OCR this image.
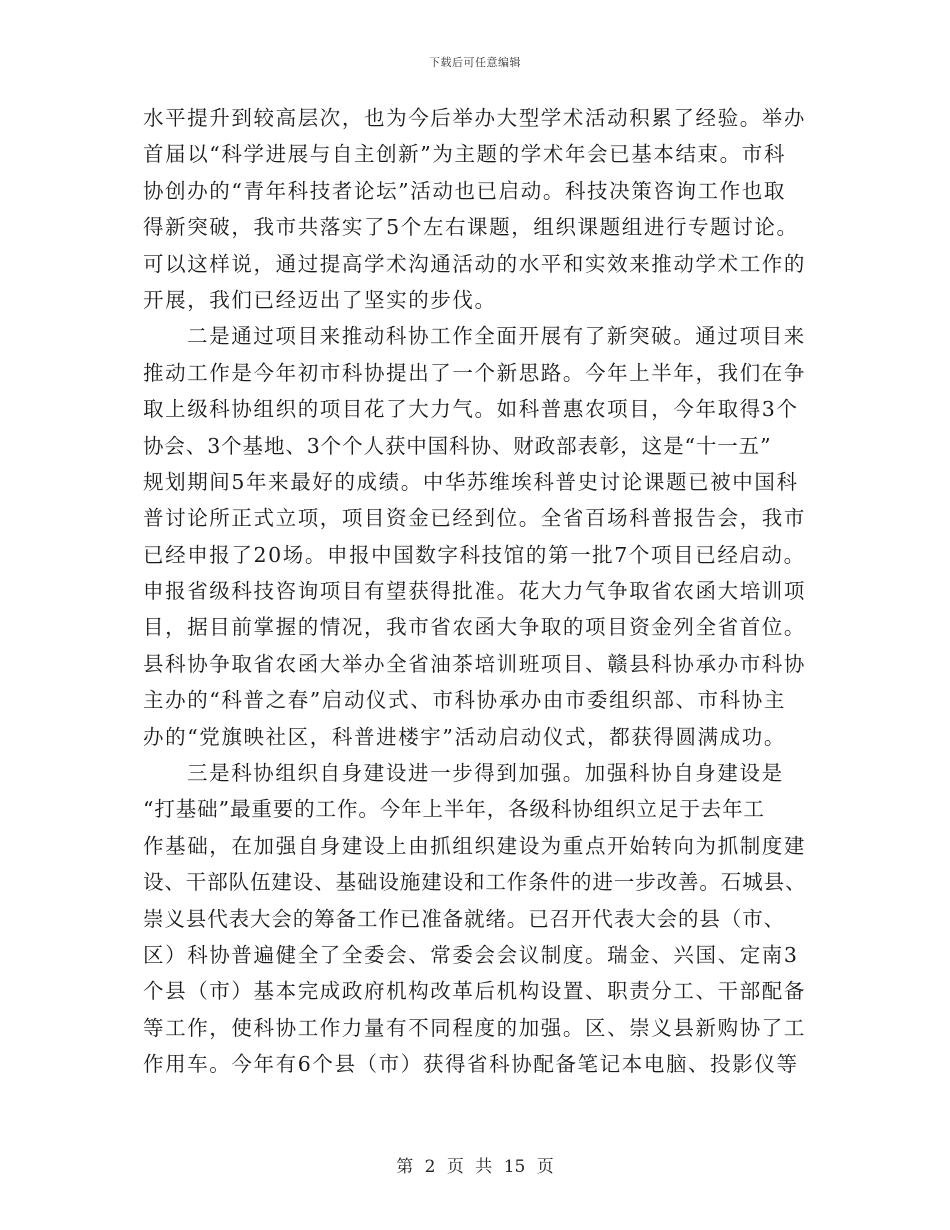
下载后可任意编辑
水平提升到较高层次，也为今后举办大型学术活动积累了经验。举办
首届以“科学进展与自主创新”为主题的学术年会已基本结束。市科
协创办的“青年科技者论坛”活动也已启动。科技决策咨询工作也取
得新突破，我市共落实了5个左右课题，组织课题组进行专题讨论。
可以这样说，通过提高学术沟通活动的水平和实效来推动学术工作的
开展，我们已经迈出了坚实的步伐。
二是通过项目来推动科协工作全面开展有了新突破。通过项目来
推动工作是今年初市科协提出了一个新思路。今年上半年，我们在争
取上级科协组织的项目花了大力气。如科普惠农项目，今年取得3个
协会、3个基地、3个个人获中国科协、财政部表彰，这是“十一五”
规划期间5年来最好的成绩。中华苏维埃科普史讨论课题已被中国科
普讨论所正式立项，项目资金已经到位。全省百场科普报告会，我市
已经申报了20场。申报中国数字科技馆的第一批7个项目已经启动。
申报省级科技咨询项目有望获得批准。花大力气争取省农函大培训项
目，据目前掌握的情况，我市省农函大争取的项目资金列全省首位。
县科协争取省农函大举办全省油茶培训班项目、赣县科协承办市科协
主办的“科普之春”启动仪式、市科协承办由市委组织部、市科协主
办的“党旗映社区，科普进楼宇”活动启动仪式，都获得圆满成功。
三是科协组织自身建设进一步得到加强。加强科协自身建设是
“打基础”最重要的工作。今年上半年，各级科协组织立足于去年工
作基础，在加强自身建设上由抓组织建设为重点开始转向为抓制度建
设、干部队伍建设、基础设施建设和工作条件的进一步改善。石城县、
崇义县代表大会的筹备工作已准备就绪。已召开代表大会的县（市、
区）科协普遍健全了全委会、常委会会议制度。瑞金、兴国、定南3
个县（市）基本完成政府机构改革后机构设置、职责分工、干部配备
等工作，使科协工作力量有不同程度的加强。区、崇义县新购协了工
作用车。今年有6个县（市）获得省科协配备笔记本电脑、投影仪等
第 2 页 共 15 页
